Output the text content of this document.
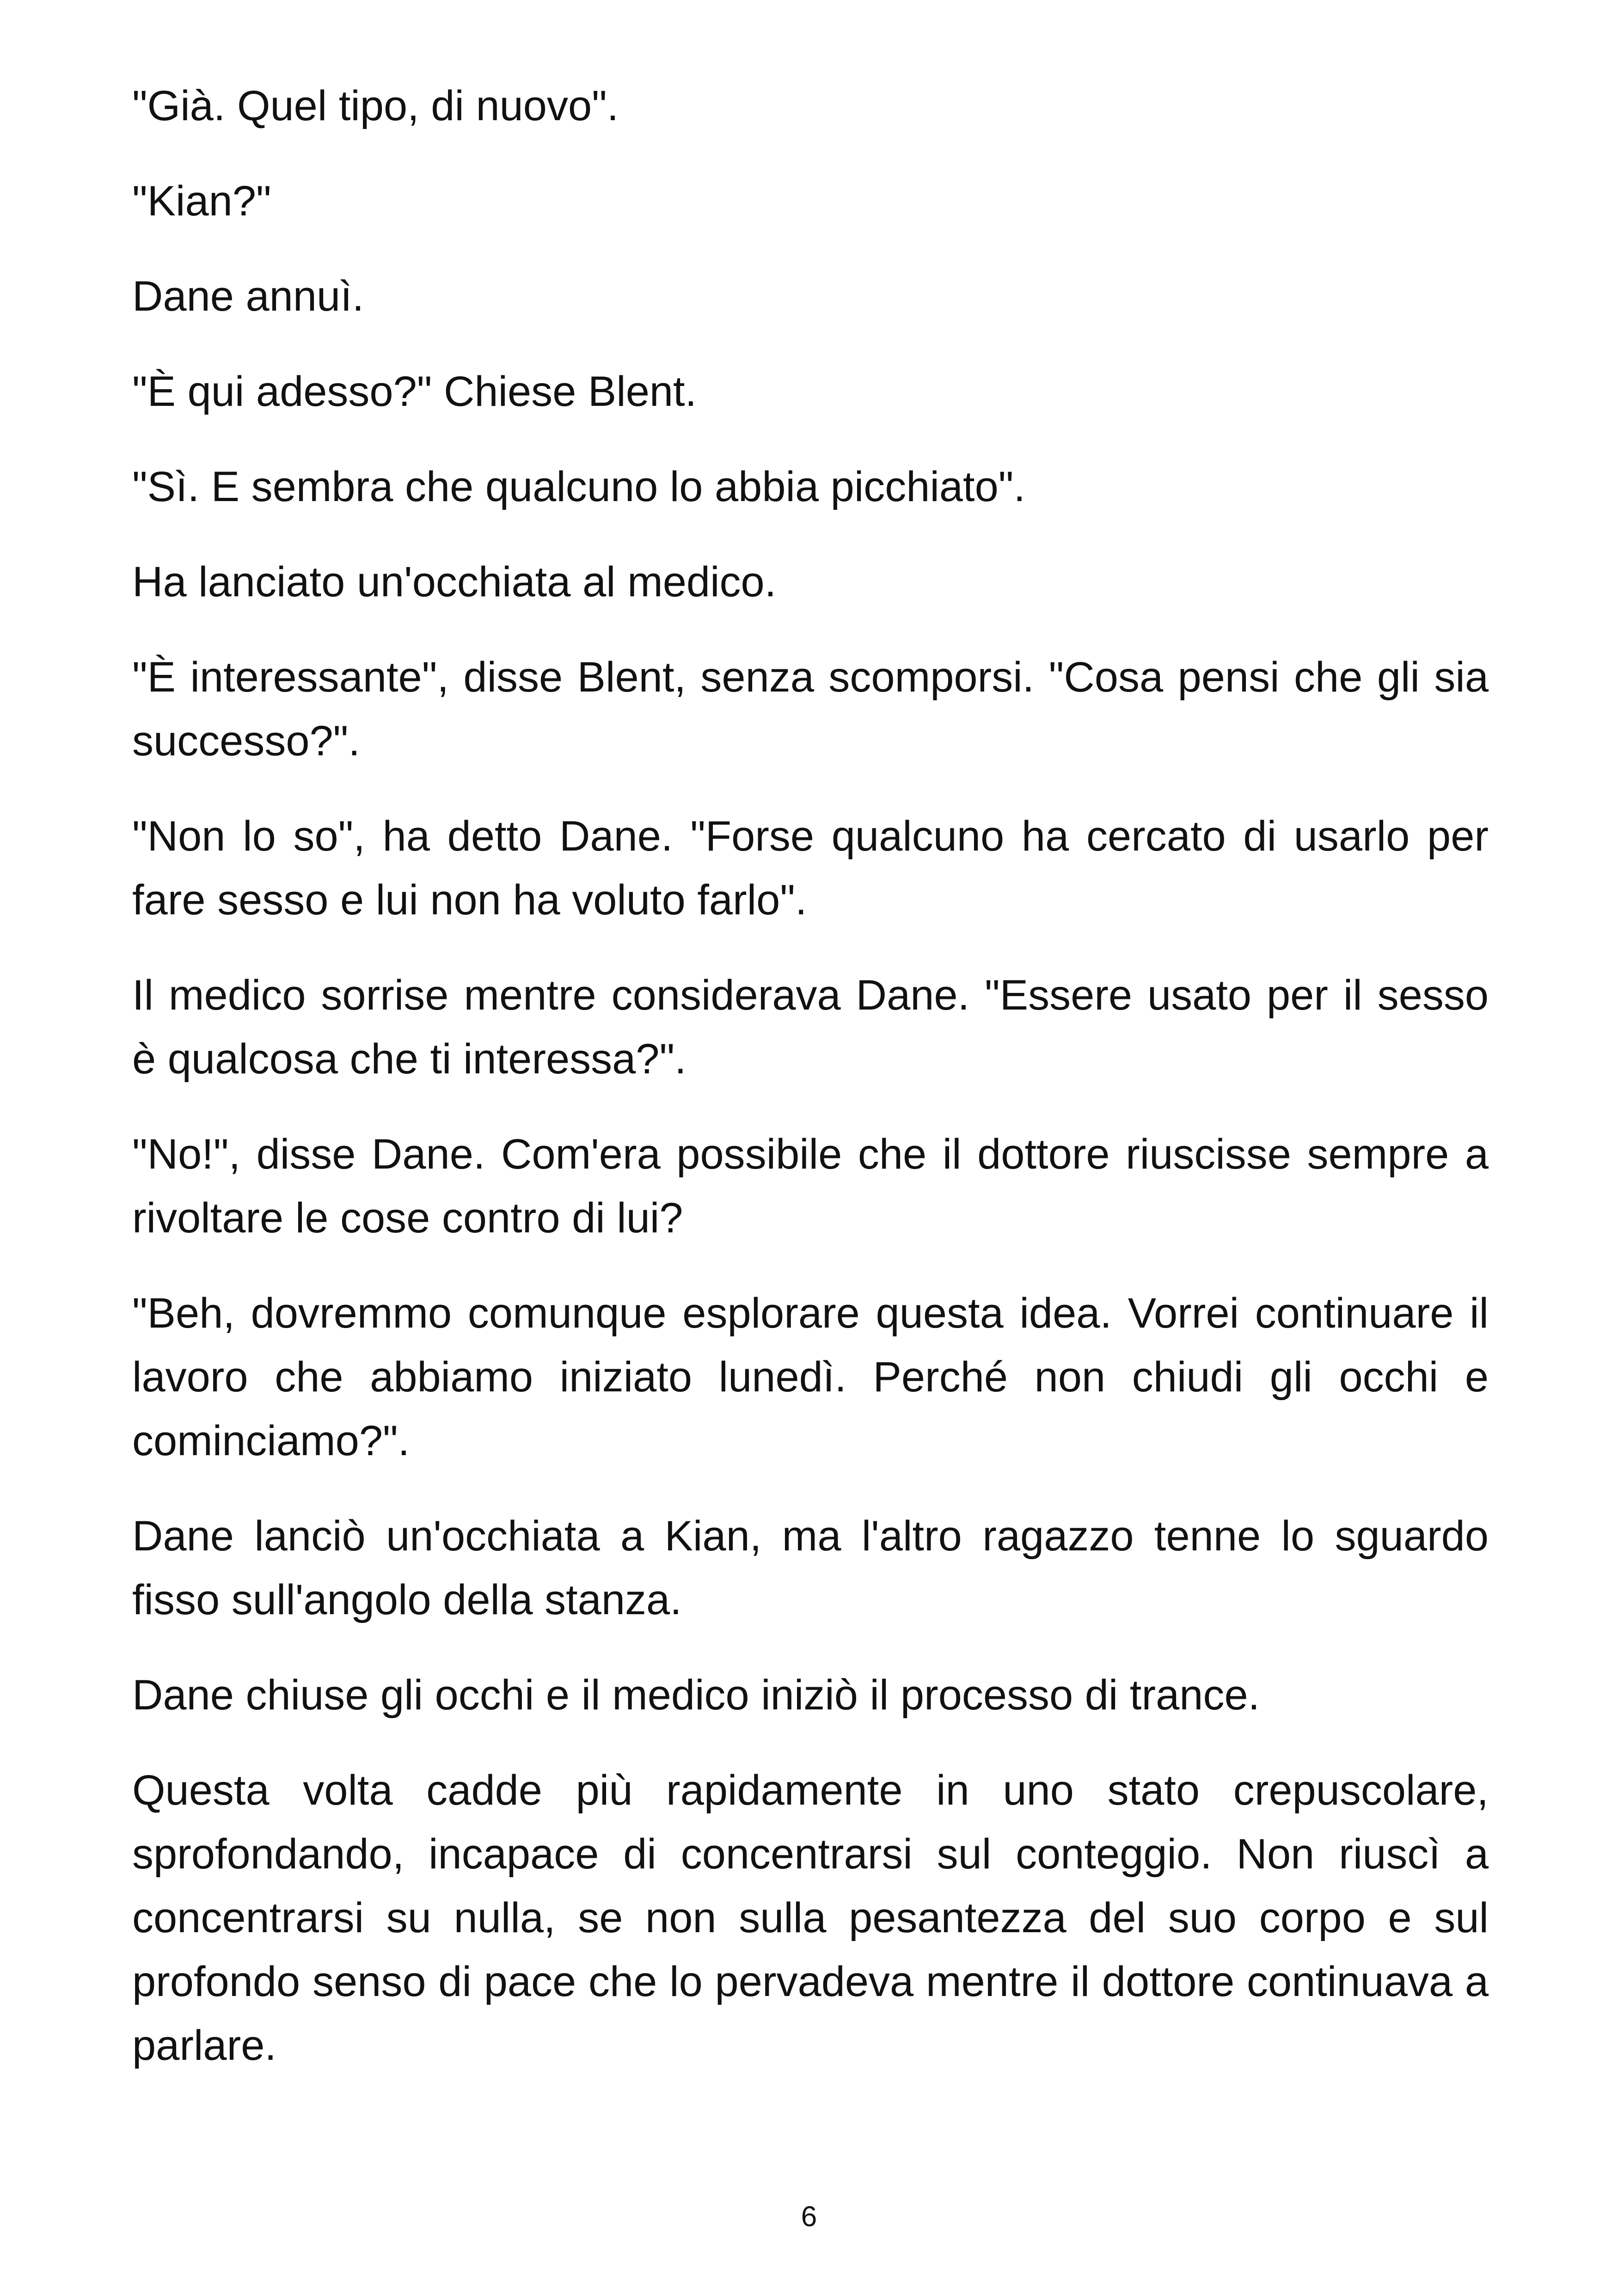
"Già. Quel tipo, di nuovo".

"Kian?"

Dane annuì.

"È qui adesso?" Chiese Blent.

"Sì. E sembra che qualcuno lo abbia picchiato".

Ha lanciato un'occhiata al medico.

"È interessante", disse Blent, senza scomporsi. "Cosa pensi che gli sia successo?".

"Non lo so", ha detto Dane. "Forse qualcuno ha cercato di usarlo per fare sesso e lui non ha voluto farlo".

Il medico sorrise mentre considerava Dane. "Essere usato per il sesso è qualcosa che ti interessa?".

"No!", disse Dane. Com'era possibile che il dottore riuscisse sempre a rivoltare le cose contro di lui?

"Beh, dovremmo comunque esplorare questa idea. Vorrei continuare il lavoro che abbiamo iniziato lunedì. Perché non chiudi gli occhi e cominciamo?".

Dane lanciò un'occhiata a Kian, ma l'altro ragazzo tenne lo sguardo fisso sull'angolo della stanza.

Dane chiuse gli occhi e il medico iniziò il processo di trance.

Questa volta cadde più rapidamente in uno stato crepuscolare, sprofondando, incapace di concentrarsi sul conteggio. Non riuscì a concentrarsi su nulla, se non sulla pesantezza del suo corpo e sul profondo senso di pace che lo pervadeva mentre il dottore continuava a parlare.

6
